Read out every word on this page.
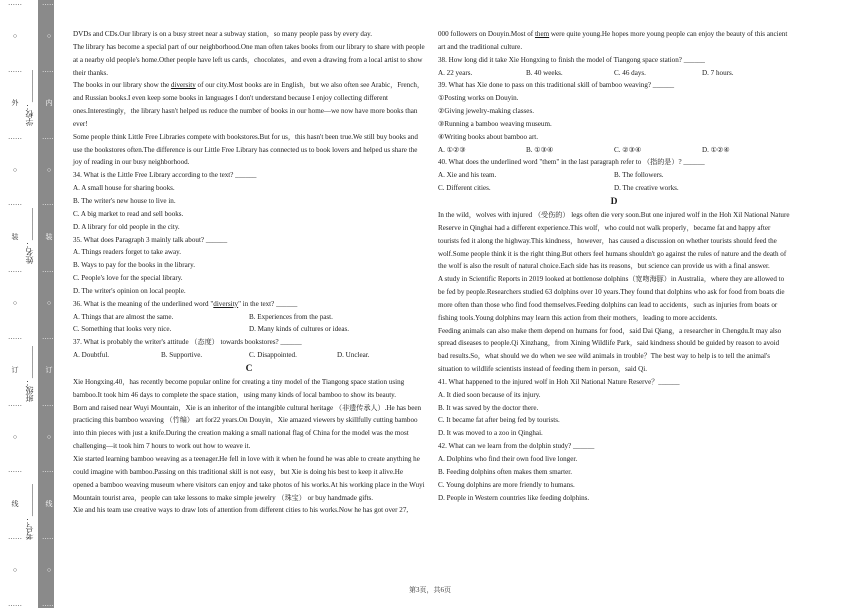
……
○
……
外
……
○
……
装
……
○
……
订
……
○
……
线
……
○
……
学校：________
姓名：________
班级：________
考号：________
……
○
……
内
……
○
……
装
……
○
……
订
……
○
……
线
……
○
……

DVDs and CDs.Our library is on a busy street near a subway station，so many people pass by every day.

The library has become a special part of our neighborhood.One man often takes books from our library to share with people at a nearby old people's home.Other people have left us cards，chocolates，and even a drawing from a local artist to show their thanks.

The books in our library show the diversity of our city.Most books are in English，but we also often see Arabic，French，and Russian books.I even keep some books in languages I don't understand because I enjoy collecting different ones.Interestingly，the library hasn't helped us reduce the number of books in our home—we now have more books than ever!

Some people think Little Free Libraries compete with bookstores.But for us，this hasn't been true.We still buy books and use the bookstores often.The difference is our Little Free Library has connected us to book lovers and helped us share the joy of reading in our busy neighborhood.

34. What is the Little Free Library according to the text? ______

A. A small house for sharing books.

B. The writer's new house to live in.

C. A big market to read and sell books.

D. A library for old people in the city.

35. What does Paragraph 3 mainly talk about? ______

A. Things readers forget to take away.

B. Ways to pay for the books in the library.

C. People's love for the special library.

D. The writer's opinion on local people.

36. What is the meaning of the underlined word "diversity" in the text? ______

A. Things that are almost the same.	B. Experiences from the past.
C. Something that looks very nice.	D. Many kinds of cultures or ideas.

37. What is probably the writer's attitude （态度） towards bookstores? ______

A. Doubtful.	B. Supportive.	C. Disappointed.	D. Unclear.

C

Xie Hongxing.40，has recently become popular online for creating a tiny model of the Tiangong space station using bamboo.It took him 46 days to complete the space station，using many kinds of local bamboo to show its beauty.

Born and raised near Wuyi Mountain，Xie is an inheritor of the intangible cultural heritage （非遗传承人）.He has been practicing this bamboo weaving （竹编） art for22 years.On Douyin，Xie amazed viewers by skillfully cutting bamboo into thin pieces with just a knife.During the creation making a small national flag of China for the model was the most challenging—it took him 7 hours to work out how to weave it.

Xie started learning bamboo weaving as a teenager.He fell in love with it when he found he was able to create anything he could imagine with bamboo.Passing on this traditional skill is not easy，but Xie is doing his best to keep it alive.He opened a bamboo weaving museum where visitors can enjoy and take photos of his works.At his working place in the Wuyi Mountain tourist area，people can take lessons to make simple jewelry （珠宝） or buy handmade gifts.

Xie and his team use creative ways to draw lots of attention from different cities to his works.Now he has got over 27,

000 followers on Douyin.Most of them were quite young.He hopes more young people can enjoy the beauty of this ancient art and the traditional culture.

38. How long did it take Xie Hongxing to finish the model of Tiangong space station? ______

A. 22 years.	B. 40 weeks.	C. 46 days.	D. 7 hours.

39. What has Xie done to pass on this traditional skill of bamboo weaving? ______

①Posting works on Douyin.

②Giving jewelry-making classes.

③Running a bamboo weaving museum.

④Writing books about bamboo art.

A. ①②③	B. ①③④	C. ②③④	D. ①②④

40. What does the underlined word "them" in the last paragraph refer to （指的是）? ______

A. Xie and his team.	B. The followers.
C. Different cities.	D. The creative works.

D

In the wild，wolves with injured （受伤的） legs often die very soon.But one injured wolf in the Hoh Xil National Nature Reserve in Qinghai had a different experience.This wolf，who could not walk properly，became fat and happy after tourists fed it along the highway.This kindness，however，has caused a discussion on whether tourists should feed the wolf.Some people think it is the right thing.But others feel humans shouldn't go against the rules of nature and the death of the wolf is also the result of natural choice.Each side has its reasons，but science can provide us with a final answer.

A study in Scientific Reports in 2019 looked at bottlenose dolphins（宽吻海豚）in Australia，where they are allowed to be fed by people.Researchers studied 63 dolphins over 10 years.They found that dolphins who ask for food from boats die more often than those who find food themselves.Feeding dolphins can lead to accidents，such as injuries from boats or fishing tools.Young dolphins may learn this action from their mothers，leading to more accidents.

Feeding animals can also make them depend on humans for food，said Dai Qiang，a researcher in Chengdu.It may also spread diseases to people.Qi Xinzhang，from Xining Wildlife Park，said kindness should be guided by reason to avoid bad results.So，what should we do when we see wild animals in trouble？The best way to help is to tell the animal's situation to wildlife scientists instead of feeding them in person，said Qi.

41. What happened to the injured wolf in Hoh Xil National Nature Reserve？______

A. It died soon because of its injury.

B. It was saved by the doctor there.

C. It became fat after being fed by tourists.

D. It was moved to a zoo in Qinghai.

42. What can we learn from the dolphin study? ______

A. Dolphins who find their own food live longer.

B. Feeding dolphins often makes them smarter.

C. Young dolphins are more friendly to humans.

D. People in Western countries like feeding dolphins.

第3页，共6页
